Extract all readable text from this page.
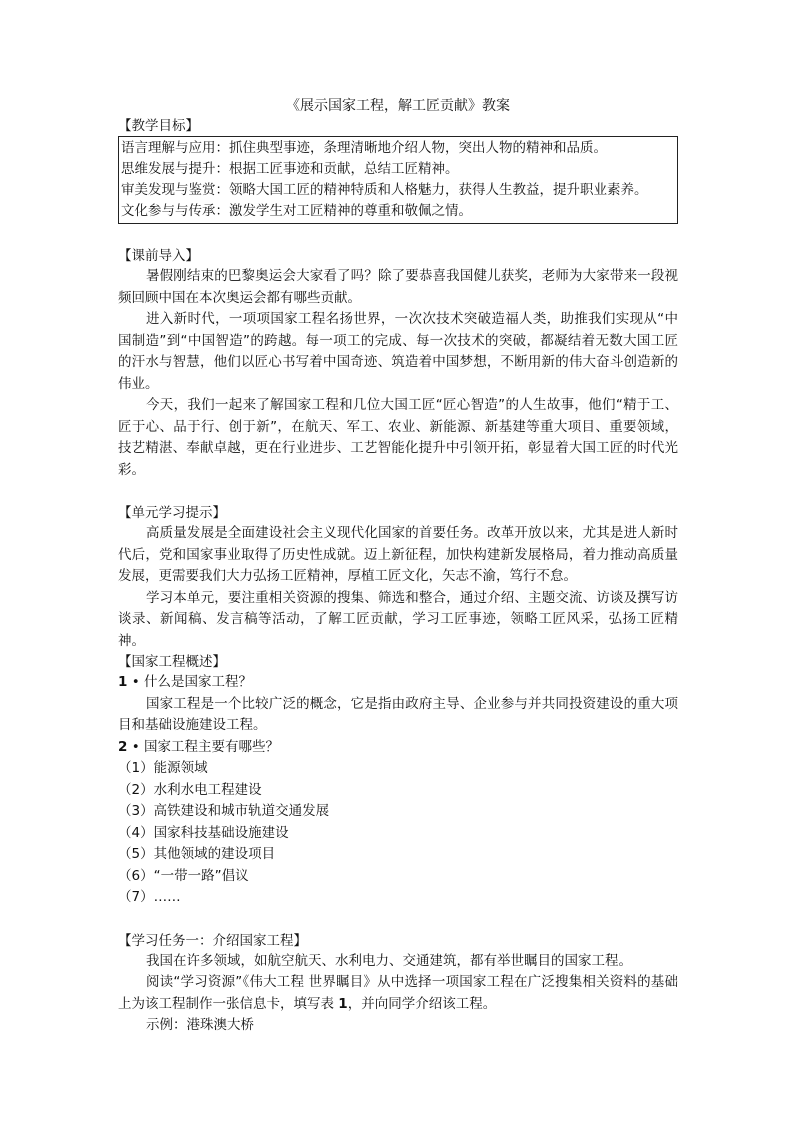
《展示国家工程，解工匠贡献》教案
【教学目标】
语言理解与应用：抓住典型事迹，条理清晰地介绍人物，突出人物的精神和品质。
思维发展与提升：根据工匠事迹和贡献，总结工匠精神。
审美发现与鉴赏：领略大国工匠的精神特质和人格魅力，获得人生教益，提升职业素养。
文化参与与传承：激发学生对工匠精神的尊重和敬佩之情。
【课前导入】

暑假刚结束的巴黎奥运会大家看了吗？除了要恭喜我国健儿获奖，老师为大家带来一段视频回顾中国在本次奥运会都有哪些贡献。

进入新时代，一项项国家工程名扬世界，一次次技术突破造福人类，助推我们实现从“中国制造”到“中国智造”的跨越。每一项工的完成、每一次技术的突破，都凝结着无数大国工匠的汗水与智慧，他们以匠心书写着中国奇迹、筑造着中国梦想，不断用新的伟大奋斗创造新的伟业。

今天，我们一起来了解国家工程和几位大国工匠“匠心智造”的人生故事，他们“精于工、匠于心、品于行、创于新”，在航天、军工、农业、新能源、新基建等重大项目、重要领域，技艺精湛、奉献卓越，更在行业进步、工艺智能化提升中引领开拓，彰显着大国工匠的时代光彩。

【单元学习提示】

高质量发展是全面建设社会主义现代化国家的首要任务。改革开放以来，尤其是进人新时代后，党和国家事业取得了历史性成就。迈上新征程，加快构建新发展格局，着力推动高质量发展，更需要我们大力弘扬工匠精神，厚植工匠文化，矢志不渝，笃行不怠。

学习本单元，要注重相关资源的搜集、筛选和整合，通过介绍、主题交流、访谈及撰写访谈录、新闻稿、发言稿等活动，了解工匠贡献，学习工匠事迹，领略工匠风采，弘扬工匠精神。

【国家工程概述】
1 • 什么是国家工程？

国家工程是一个比较广泛的概念，它是指由政府主导、企业参与并共同投资建设的重大项目和基础设施建设工程。

2 • 国家工程主要有哪些？
（1）能源领域
（2）水利水电工程建设
（3）高铁建设和城市轨道交通发展
（4）国家科技基础设施建设
（5）其他领域的建设项目
（6）“一带一路”倡议
（7）……
【学习任务一：介绍国家工程】

我国在许多领域，如航空航天、水利电力、交通建筑，都有举世瞩目的国家工程。

阅读“学习资源”《伟大工程 世界瞩目》从中选择一项国家工程在广泛搜集相关资料的基础上为该工程制作一张信息卡，填写表 1，并向同学介绍该工程。

示例：港珠澳大桥
